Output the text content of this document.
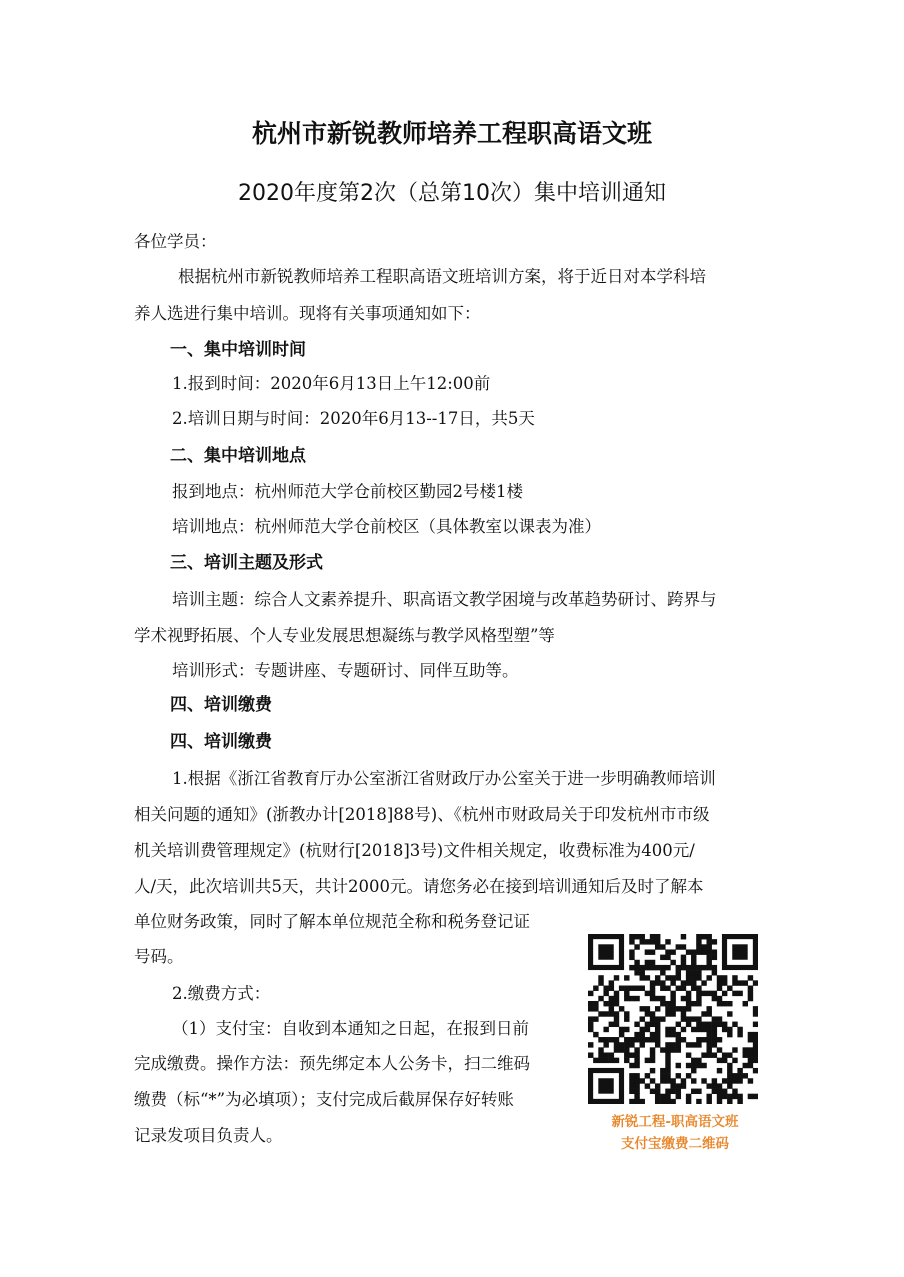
杭州市新锐教师培养工程职高语文班
2020年度第2次（总第10次）集中培训通知

各位学员：

根据杭州市新锐教师培养工程职高语文班培训方案，将于近日对本学科培

养人选进行集中培训。现将有关事项通知如下：

一、集中培训时间

1.报到时间：2020年6月13日上午12:00前

2.培训日期与时间：2020年6月13--17日，共5天

二、集中培训地点

报到地点：杭州师范大学仓前校区勤园2号楼1楼

培训地点：杭州师范大学仓前校区（具体教室以课表为准）

三、培训主题及形式

培训主题：综合人文素养提升、职高语文教学困境与改革趋势研讨、跨界与

学术视野拓展、个人专业发展思想凝练与教学风格型塑”等

培训形式：专题讲座、专题研讨、同伴互助等。

四、培训缴费

四、培训缴费

1.根据《浙江省教育厅办公室浙江省财政厅办公室关于进一步明确教师培训

相关问题的通知》(浙教办计[2018]88号)、《杭州市财政局关于印发杭州市市级

机关培训费管理规定》(杭财行[2018]3号)文件相关规定，收费标准为400元/

人/天，此次培训共5天，共计2000元。请您务必在接到培训通知后及时了解本

单位财务政策，同时了解本单位规范全称和税务登记证

号码。

2.缴费方式：

（1）支付宝：自收到本通知之日起，在报到日前

完成缴费。操作方法：预先绑定本人公务卡，扫二维码

缴费（标“*”为必填项）；支付完成后截屏保存好转账

记录发项目负责人。

新锐工程-职高语文班

支付宝缴费二维码
